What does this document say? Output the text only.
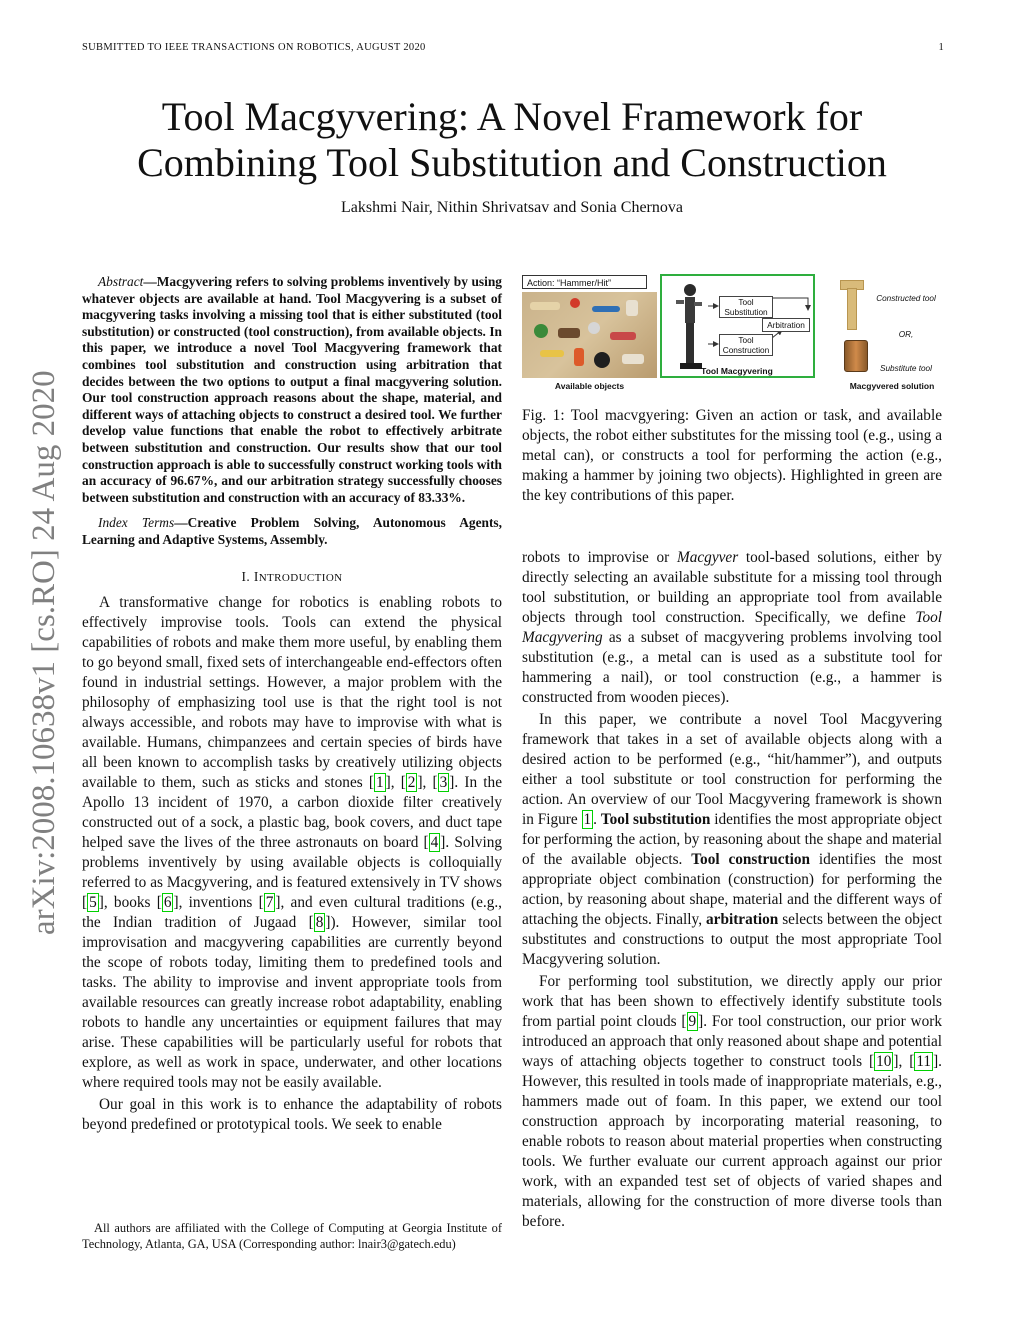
SUBMITTED TO IEEE TRANSACTIONS ON ROBOTICS, AUGUST 2020	1
Tool Macgyvering: A Novel Framework for
Combining Tool Substitution and Construction
Lakshmi Nair, Nithin Shrivatsav and Sonia Chernova
arXiv:2008.10638v1 [cs.RO] 24 Aug 2020

Abstract—Macgyvering refers to solving problems inventively by using whatever objects are available at hand. Tool Macgyvering is a subset of macgyvering tasks involving a missing tool that is either substituted (tool substitution) or constructed (tool construction), from available objects. In this paper, we introduce a novel Tool Macgyvering framework that combines tool substitution and construction using arbitration that decides between the two options to output a final macgyvering solution. Our tool construction approach reasons about the shape, material, and different ways of attaching objects to construct a desired tool. We further develop value functions that enable the robot to effectively arbitrate between substitution and construction. Our results show that our tool construction approach is able to successfully construct working tools with an accuracy of 96.67%, and our arbitration strategy successfully chooses between substitution and construction with an accuracy of 83.33%.

Index Terms—Creative Problem Solving, Autonomous Agents, Learning and Adaptive Systems, Assembly.

I. INTRODUCTION

A transformative change for robotics is enabling robots to effectively improvise tools. Tools can extend the physical capabilities of robots and make them more useful, by enabling them to go beyond small, fixed sets of interchangeable end-effectors often found in industrial settings. However, a major problem with the philosophy of emphasizing tool use is that the right tool is not always accessible, and robots may have to improvise with what is available. Humans, chimpanzees and certain species of birds have all been known to accomplish tasks by creatively utilizing objects available to them, such as sticks and stones [ 1 ], [ 2 ], [ 3 ]. In the Apollo 13 incident of 1970, a carbon dioxide filter creatively constructed out of a sock, a plastic bag, book covers, and duct tape helped save the lives of the three astronauts on board [ 4 ]. Solving problems inventively by using available objects is colloquially referred to as Macgyvering, and is featured extensively in TV shows [ 5 ], books [ 6 ], inventions [ 7 ], and even cultural traditions (e.g., the Indian tradition of Jugaad [ 8 ]). However, similar tool improvisation and macgyvering capabilities are currently beyond the scope of robots today, limiting them to predefined tools and tasks. The ability to improvise and invent appropriate tools from available resources can greatly increase robot adaptability, enabling robots to handle any uncertainties or equipment failures that may arise. These capabilities will be particularly useful for robots that explore, as well as work in space, underwater, and other locations where required tools may not be easily available.

Our goal in this work is to enhance the adaptability of robots beyond predefined or prototypical tools. We seek to enable

All authors are affiliated with the College of Computing at Georgia Institute of Technology, Atlanta, GA, USA (Corresponding author: lnair3@gatech.edu)
Action: “Hammer/Hit”
Available objects
Tool Substitution
Tool Construction
Arbitration
Tool Macgyvering
Constructed tool
OR,
Substitute tool
Macgyvered solution

Fig. 1: Tool macvgyering: Given an action or task, and available objects, the robot either substitutes for the missing tool (e.g., using a metal can), or constructs a tool for performing the action (e.g., making a hammer by joining two objects). Highlighted in green are the key contributions of this paper.

robots to improvise or Macgyver tool-based solutions, either by directly selecting an available substitute for a missing tool through tool substitution, or building an appropriate tool from available objects through tool construction. Specifically, we define Tool Macgyvering as a subset of macgyvering problems involving tool substitution (e.g., a metal can is used as a substitute tool for hammering a nail), or tool construction (e.g., a hammer is constructed from wooden pieces).

In this paper, we contribute a novel Tool Macgyvering framework that takes in a set of available objects along with a desired action to be performed (e.g., “hit/hammer”), and outputs either a tool substitute or tool construction for performing the action. An overview of our Tool Macgyvering framework is shown in Figure 1 . Tool substitution identifies the most appropriate object for performing the action, by reasoning about the shape and material of the available objects. Tool construction identifies the most appropriate object combination (construction) for performing the action, by reasoning about shape, material and the different ways of attaching the objects. Finally, arbitration selects between the object substitutes and constructions to output the most appropriate Tool Macgyvering solution.

For performing tool substitution, we directly apply our prior work that has been shown to effectively identify substitute tools from partial point clouds [ 9 ]. For tool construction, our prior work introduced an approach that only reasoned about shape and potential ways of attaching objects together to construct tools [ 10 ], [ 11 ]. However, this resulted in tools made of inappropriate materials, e.g., hammers made out of foam. In this paper, we extend our tool construction approach by incorporating material reasoning, to enable robots to reason about material properties when constructing tools. We further evaluate our current approach against our prior work, with an expanded test set of objects of varied shapes and materials, allowing for the construction of more diverse tools than before.
